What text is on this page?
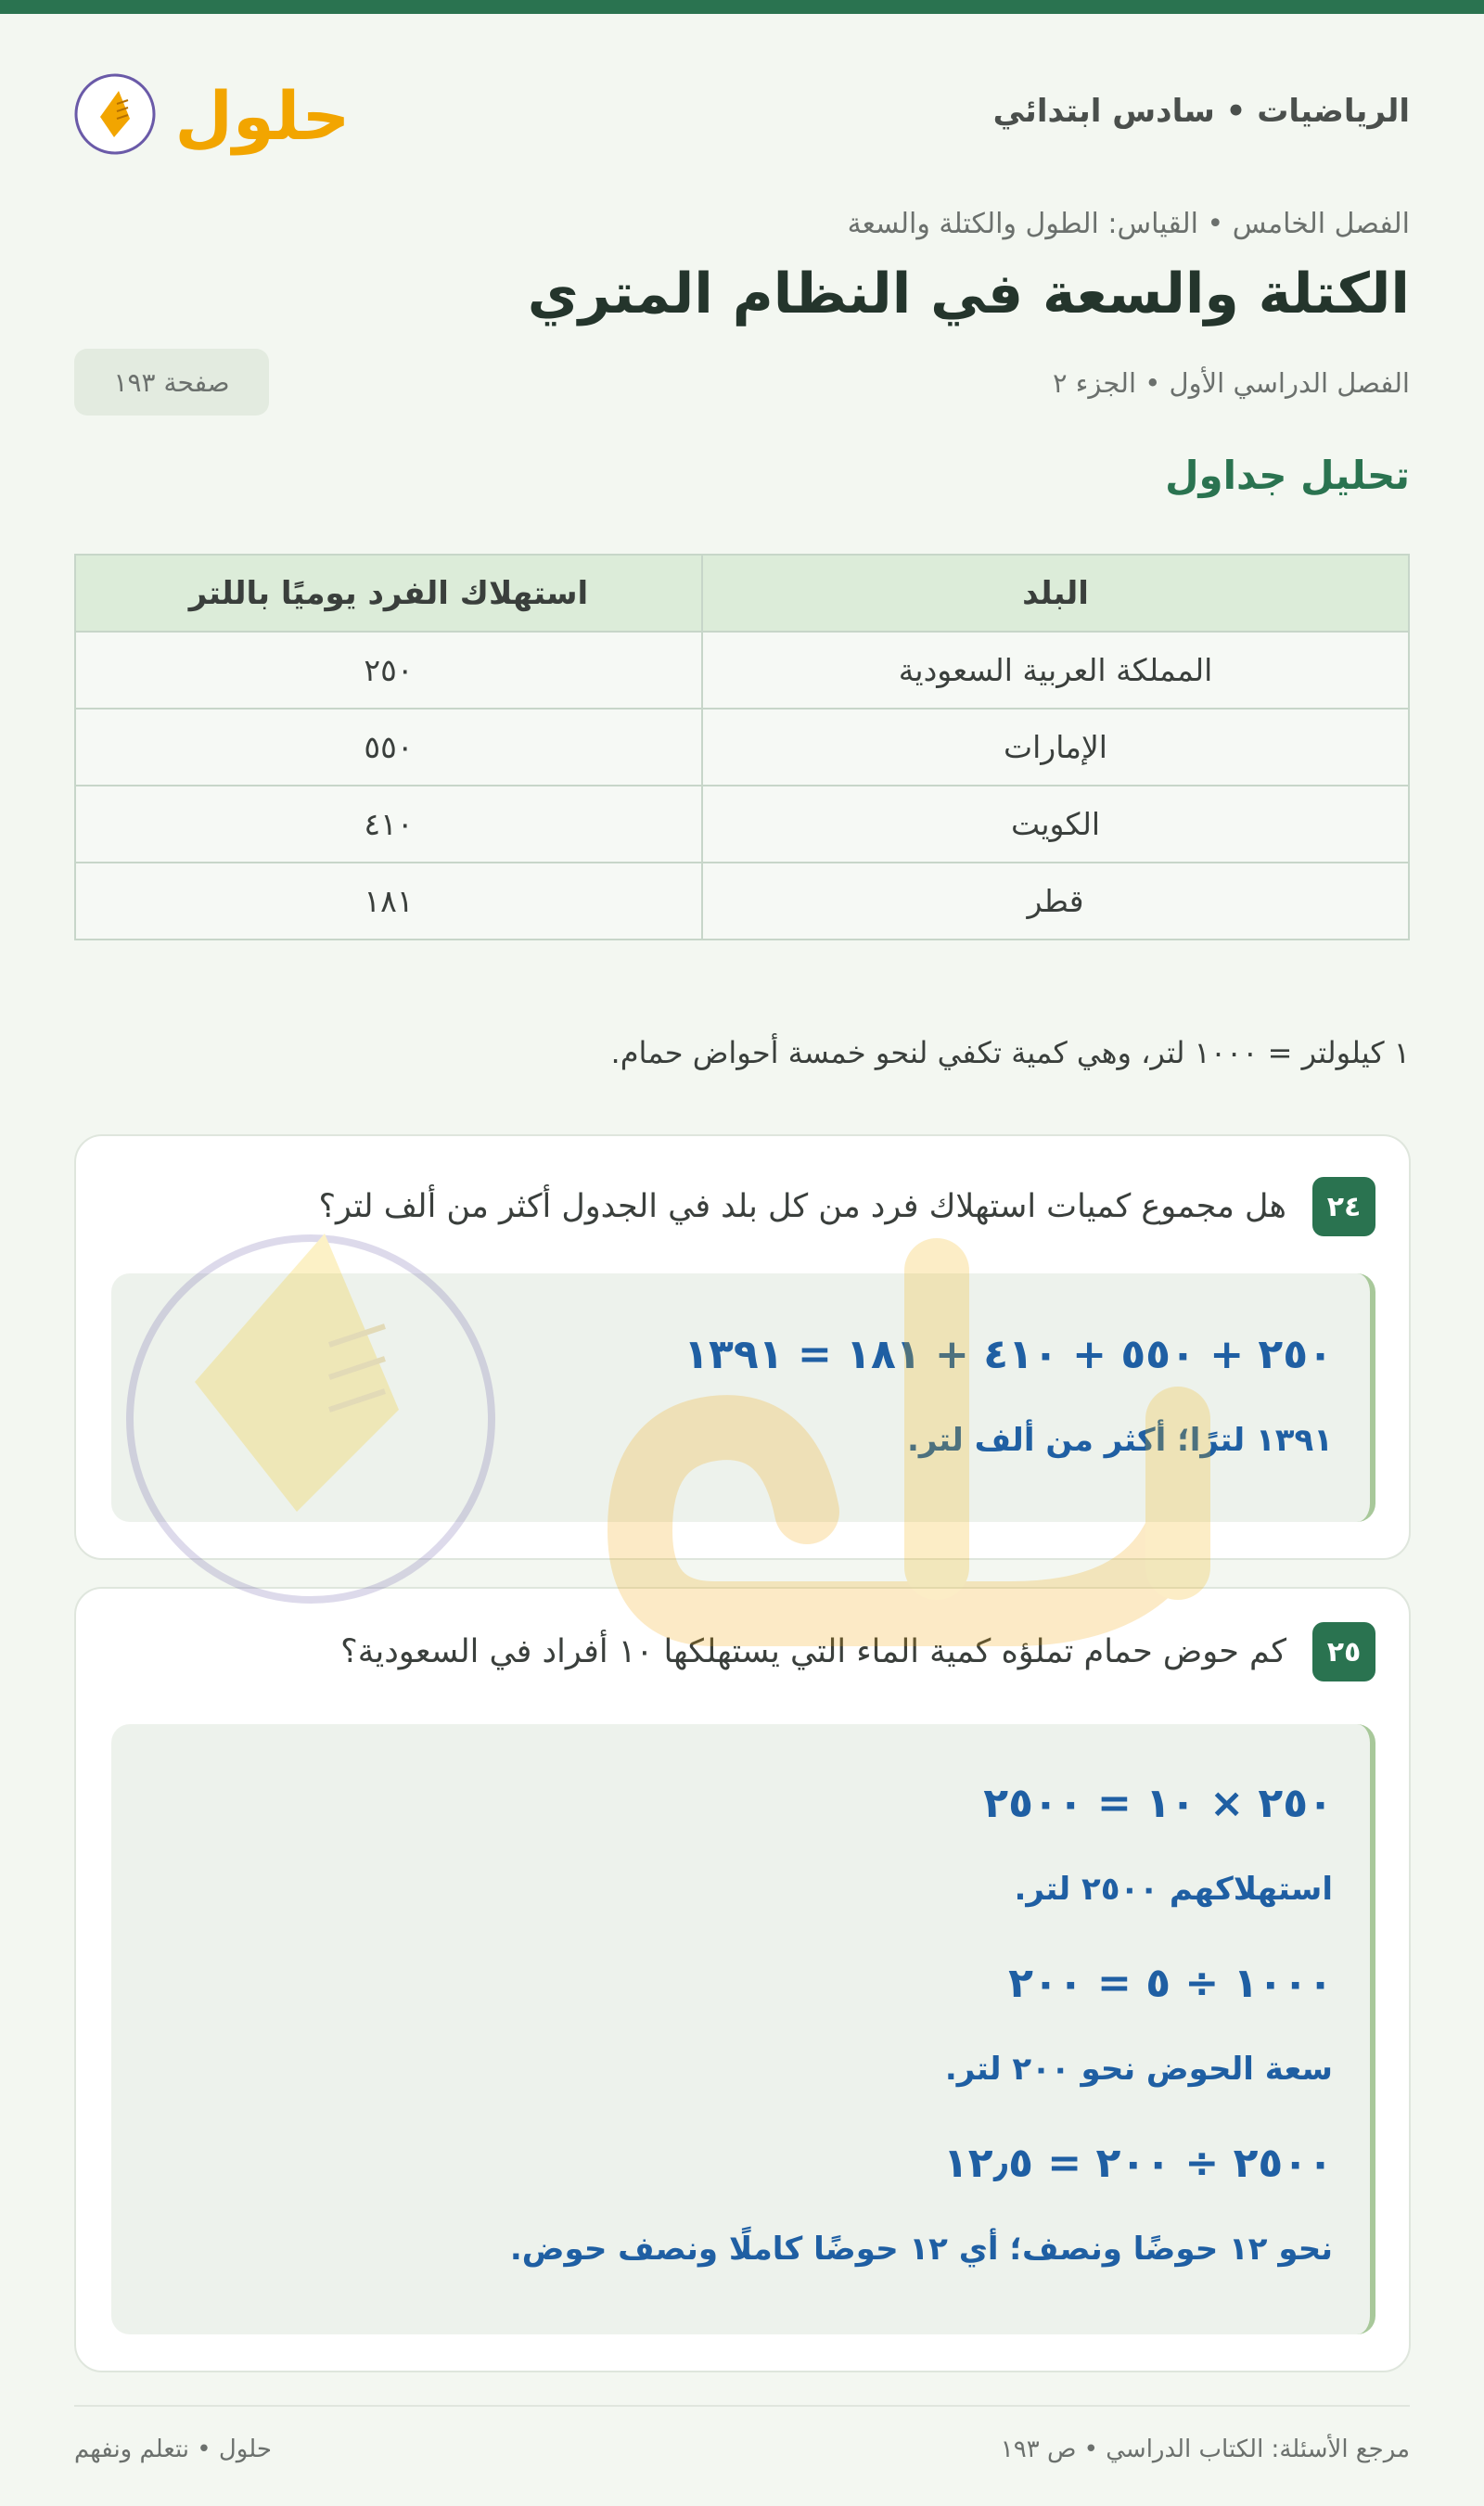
الرياضيات • سادس ابتدائي
حلول
الفصل الخامس • القياس: الطول والكتلة والسعة
الكتلة والسعة في النظام المتري
الفصل الدراسي الأول • الجزء ٢
صفحة ١٩٣
تحليل جداول
البلد	استهلاك الفرد يوميًا باللتر
المملكة العربية السعودية	٢٥٠
الإمارات	٥٥٠
الكويت	٤١٠
قطر	١٨١
١ كيلولتر = ١٠٠٠ لتر، وهي كمية تكفي لنحو خمسة أحواض حمام.
٢٤
هل مجموع كميات استهلاك فرد من كل بلد في الجدول أكثر من ألف لتر؟
٢٥٠ + ٥٥٠ + ٤١٠ + ١٨١ = ١٣٩١
١٣٩١ لترًا؛ أكثر من ألف لتر.
٢٥
كم حوض حمام تملؤه كمية الماء التي يستهلكها ١٠ أفراد في السعودية؟
٢٥٠ × ١٠ = ٢٥٠٠
استهلاكهم ٢٥٠٠ لتر.
١٠٠٠ ÷ ٥ = ٢٠٠
سعة الحوض نحو ٢٠٠ لتر.
٢٥٠٠ ÷ ٢٠٠ = ١٢٫٥
نحو ١٢ حوضًا ونصف؛ أي ١٢ حوضًا كاملًا ونصف حوض.
مرجع الأسئلة: الكتاب الدراسي • ص ١٩٣
حلول • نتعلم ونفهم
